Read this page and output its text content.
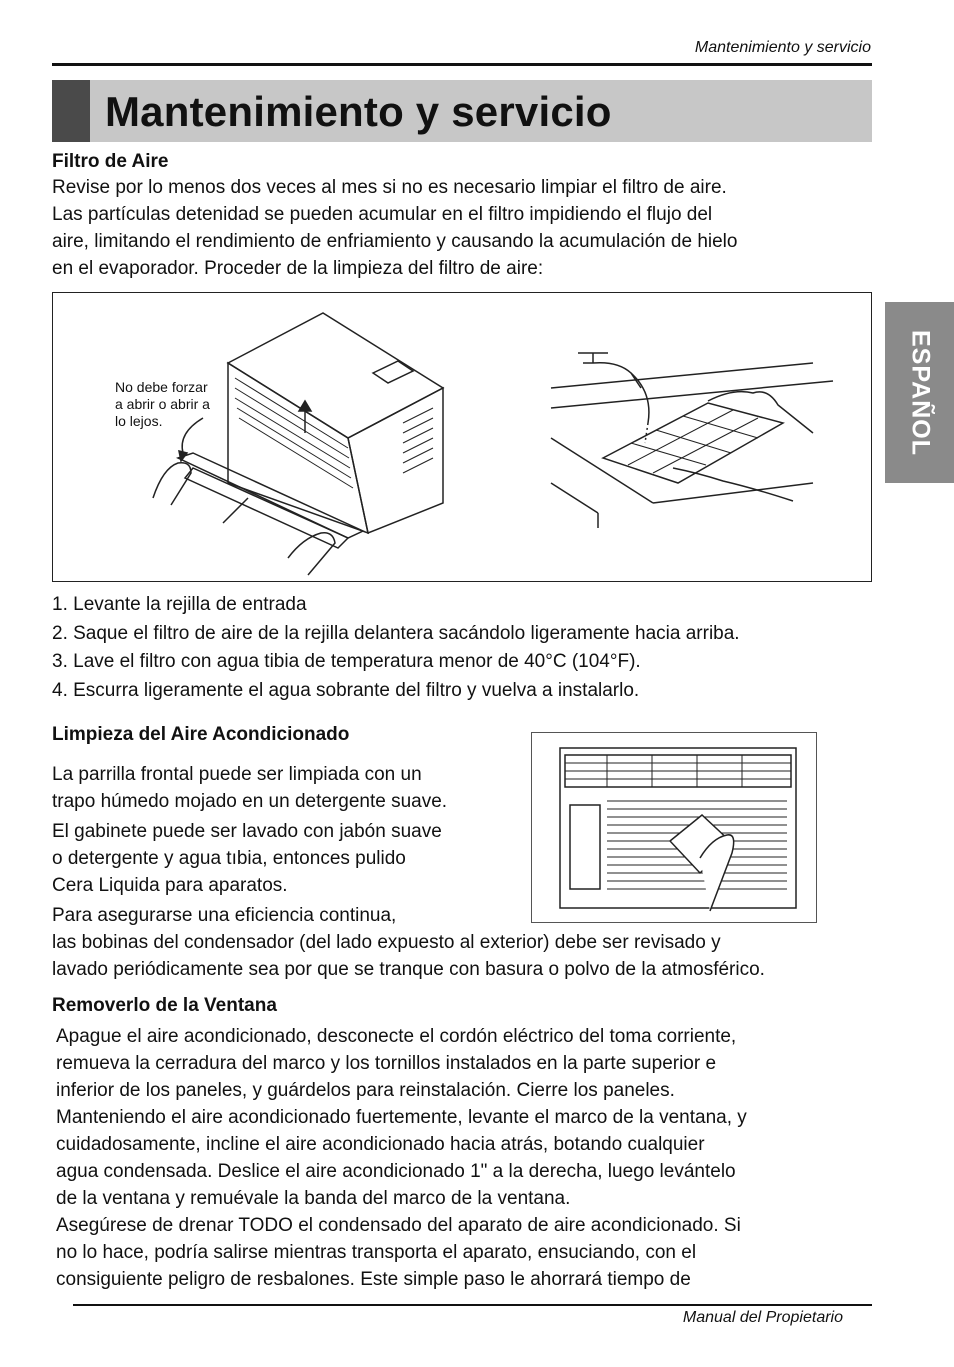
Mantenimiento y servicio
Mantenimiento y servicio
ESPAÑOL
Filtro de Aire
Revise por lo menos dos veces al mes si no es necesario limpiar el filtro de aire.
Las partículas detenidad se pueden acumular en el filtro impidiendo el flujo del
aire, limitando el rendimiento de enfriamiento y causando la acumulación de hielo
en el evaporador. Proceder de la limpieza del filtro de aire:
No debe forzar
a abrir o abrir a
lo lejos.
1. Levante la rejilla de entrada
2. Saque el filtro de aire de la rejilla delantera sacándolo ligeramente hacia arriba.
3. Lave el filtro con agua tibia de temperatura menor de 40°C (104°F).
4. Escurra ligeramente el agua sobrante del filtro y vuelva a instalarlo.
Limpieza del Aire Acondicionado
La parrilla frontal puede ser limpiada con un
trapo húmedo mojado en un detergente suave.
El gabinete puede ser lavado con jabón suave
o detergente y agua tıbia, entonces pulido
Cera Liquida para aparatos.
Para asegurarse una eficiencia continua,
las bobinas del condensador (del lado expuesto al exterior) debe ser revisado y
lavado periódicamente sea por que se tranque con basura o polvo de la atmosférico.
Removerlo de la Ventana
Apague el aire acondicionado, desconecte el cordón eléctrico del toma corriente,
remueva la cerradura del marco y los tornillos instalados en la parte superior e
inferior de los paneles, y guárdelos para reinstalación. Cierre los paneles.
Manteniendo el aire acondicionado fuertemente, levante el marco de la ventana, y
cuidadosamente, incline el aire acondicionado hacia atrás, botando cualquier
agua condensada. Deslice el aire acondicionado 1" a la derecha, luego levántelo
de la ventana y remuévale la banda del marco de la ventana.
Asegúrese de drenar TODO el condensado del aparato de aire acondicionado. Si
no lo hace, podría salirse mientras transporta el aparato, ensuciando, con el
consiguiente peligro de resbalones. Este simple paso le ahorrará tiempo de
Manual del Propietario
